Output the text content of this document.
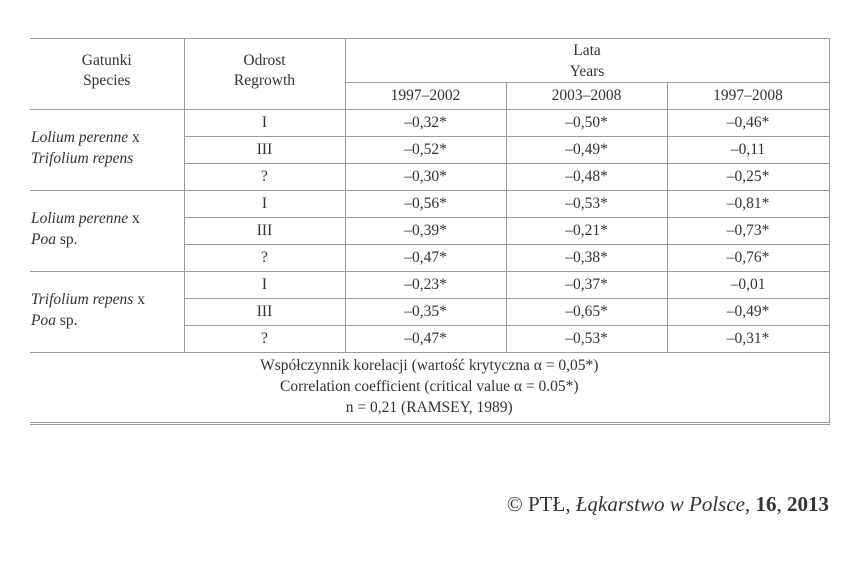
Gatunki
Species	Odrost
Regrowth	Lata
Years		

		1997–2002	2003–2008	1997–2008

Lolium perenne x
Trifolium repens	I	–0,32*	–0,50*	–0,46*
	III	–0,52*	–0,49*	–0,11
	?	–0,30*	–0,48*	–0,25*

Lolium perenne x
Poa sp.	I	–0,56*	–0,53*	–0,81*
	III	–0,39*	–0,21*	–0,73*
	?	–0,47*	–0,38*	–0,76*

Trifolium repens x
Poa sp.	I	–0,23*	–0,37*	–0,01
	III	–0,35*	–0,65*	–0,49*
	?	–0,47*	–0,53*	–0,31*

Współczynnik korelacji (wartość krytyczna α = 0,05*)
Correlation coefficient (critical value α = 0.05*)
n = 0,21 (RAMSEY, 1989)				
© PTŁ, Łąkarstwo w Polsce, 16, 2013
